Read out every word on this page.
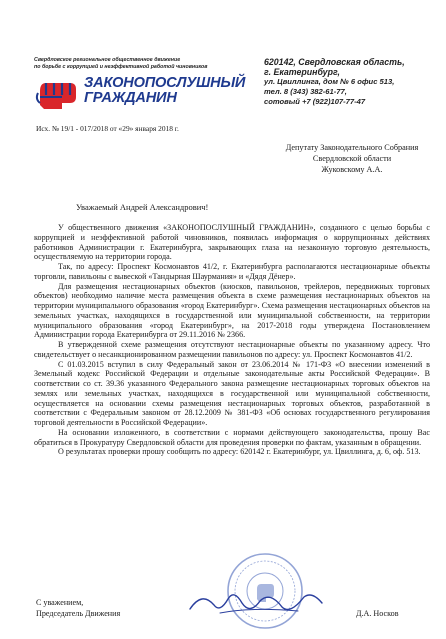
Свердловское региональное общественное движение
по борьбе с коррупцией и неэффективной работой чиновников
ЗАКОНОПОСЛУШНЫЙ
ГРАЖДАНИН
620142, Свердловская область,
г. Екатеринбург,
ул. Цвиллинга, дом № 6 офис 513,
тел. 8 (343) 382-61-77,
сотовый +7 (922)107-77-47
Исх. № 19/1 - 017/2018 от «29» января 2018 г.
Депутату Законодательного Собрания
Свердловской области
Жуковскому А.А.
Уважаемый Андрей Александрович!

У общественного движения «ЗАКОНОПОСЛУШНЫЙ ГРАЖДАНИН», созданного с целью борьбы с коррупцией и неэффективной работой чиновников, появилась информация о коррупционных действиях работников Администрации г. Екатеринбурга, закрывающих глаза на незаконную торговую деятельность, осуществляемую на территории города.

Так, по адресу: Проспект Космонавтов 41/2, г. Екатеринбурга располагаются нестационарные объекты торговли, павильоны с вывеской «Тандырная Шаурмания» и «Дядя Дёнер».

Для размещения нестационарных объектов (киосков, павильонов, трейлеров, передвижных торговых объектов) необходимо наличие места размещения объекта в схеме размещения нестационарных объектов на территории муниципального образования «город Екатеринбург». Схема размещения нестационарных объектов на земельных участках, находящихся в государственной или муниципальной собственности, на территории муниципального образования «город Екатеринбург», на 2017-2018 годы утверждена Постановлением Администрации города Екатеринбурга от 29.11.2016 № 2366.

В утвержденной схеме размещения отсутствуют нестационарные объекты по указанному адресу. Что свидетельствует о несанкционированном размещении павильонов по адресу: ул. Проспект Космонавтов 41/2.

С 01.03.2015 вступил в силу Федеральный закон от 23.06.2014 № 171-ФЗ «О внесении изменений в Земельный кодекс Российской Федерации и отдельные законодательные акты Российской Федерации». В соответствии со ст. 39.36 указанного Федерального закона размещение нестационарных торговых объектов на землях или земельных участках, находящихся в государственной или муниципальной собственности, осуществляется на основании схемы размещения нестационарных торговых объектов, разработанной в соответствии с Федеральным законом от 28.12.2009 № 381-ФЗ «Об основах государственного регулирования торговой деятельности в Российской Федерации».

На основании изложенного, в соответствии с нормами действующего законодательства, прошу Вас обратиться в Прокуратуру Свердловской области для проведения проверки по фактам, указанным в обращении.

О результатах проверки прошу сообщить по адресу: 620142 г. Екатеринбург, ул. Цвиллинга, д. 6, оф. 513.

С уважением,
Председатель Движения	Д.А. Носков
